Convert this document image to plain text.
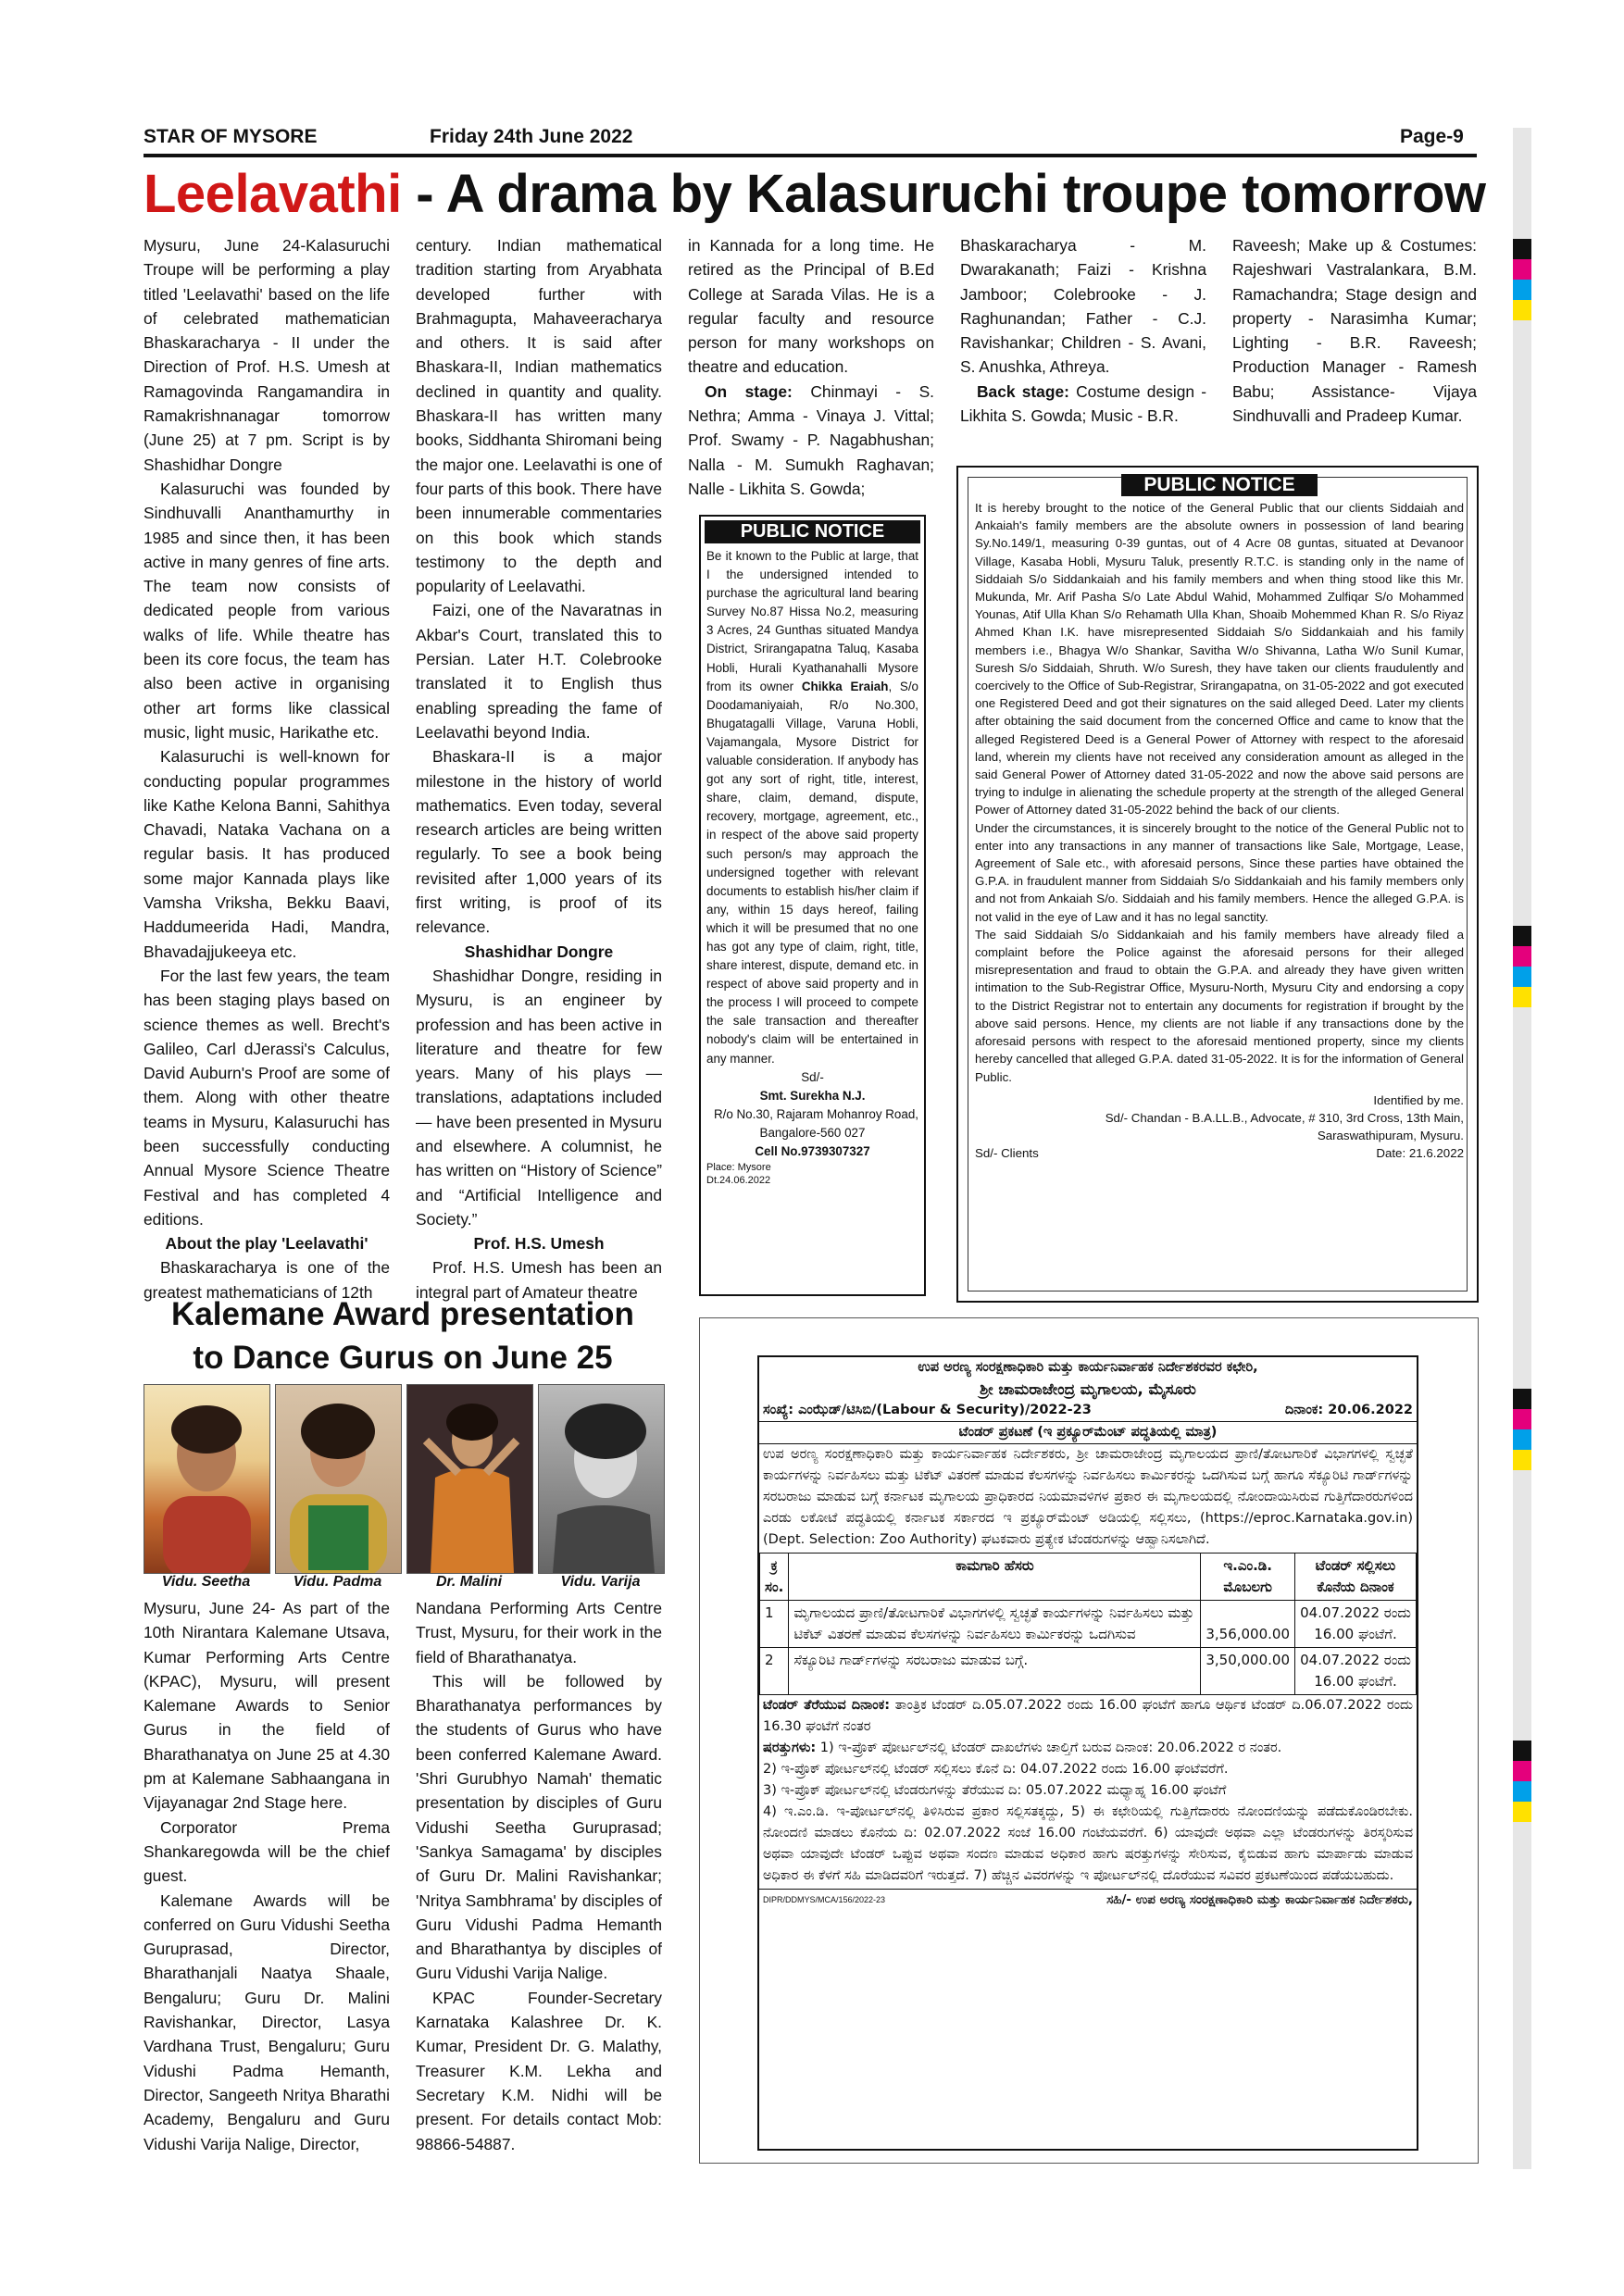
STAR OF MYSORE	Friday 24th June 2022	Page-9
Leelavathi - A drama by Kalasuruchi troupe tomorrow

Mysuru, June 24-Kalasuruchi Troupe will be performing a play titled 'Leelavathi' based on the life of celebrated mathematician Bhaskaracharya - II under the Direction of Prof. H.S. Umesh at Ramagovinda Rangamandira in Ramakrishnanagar tomorrow (June 25) at 7 pm. Script is by Shashidhar Dongre

Kalasuruchi was founded by Sindhuvalli Ananthamurthy in 1985 and since then, it has been active in many genres of fine arts. The team now consists of dedicated people from various walks of life. While theatre has been its core focus, the team has also been active in organising other art forms like classical music, light music, Harikathe etc.

Kalasuruchi is well-known for conducting popular programmes like Kathe Kelona Banni, Sahithya Chavadi, Nataka Vachana on a regular basis. It has produced some major Kannada plays like Vamsha Vriksha, Bekku Baavi, Haddumeerida Hadi, Mandra, Bhavadajjukeeya etc.

For the last few years, the team has been staging plays based on science themes as well. Brecht's Galileo, Carl dJerassi's Calculus, David Auburn's Proof are some of them. Along with other theatre teams in Mysuru, Kalasuruchi has been successfully conducting Annual Mysore Science Theatre Festival and has completed 4 editions.

About the play 'Leelavathi'

Bhaskaracharya is one of the greatest mathematicians of 12th

century. Indian mathematical tradition starting from Aryabhata developed further with Brahmagupta, Mahaveeracharya and others. It is said after Bhaskara-II, Indian mathematics declined in quantity and quality. Bhaskara-II has written many books, Siddhanta Shiromani being the major one. Leelavathi is one of four parts of this book. There have been innumerable commentaries on this book which stands testimony to the depth and popularity of Leelavathi.

Faizi, one of the Navaratnas in Akbar's Court, translated this to Persian. Later H.T. Colebrooke translated it to English thus enabling spreading the fame of Leelavathi beyond India.

Bhaskara-II is a major milestone in the history of world mathematics. Even today, several research articles are being written regularly. To see a book being revisited after 1,000 years of its first writing, is proof of its relevance.

Shashidhar Dongre

Shashidhar Dongre, residing in Mysuru, is an engineer by profession and has been active in literature and theatre for few years. Many of his plays — translations, adaptations included — have been presented in Mysuru and elsewhere. A columnist, he has written on “History of Science” and “Artificial Intelligence and Society.”

Prof. H.S. Umesh

Prof. H.S. Umesh has been an integral part of Amateur theatre

in Kannada for a long time. He retired as the Principal of B.Ed College at Sarada Vilas. He is a regular faculty and resource person for many workshops on theatre and education.

On stage: Chinmayi - S. Nethra; Amma - Vinaya J. Vittal; Prof. Swamy - P. Nagabhushan; Nalla - M. Sumukh Raghavan; Nalle - Likhita S. Gowda;

Bhaskaracharya - M. Dwarakanath; Faizi - Krishna Jamboor; Colebrooke - J. Raghunandan; Father - C.J. Ravishankar; Children - S. Avani, S. Anushka, Athreya.

Back stage: Costume design - Likhita S. Gowda; Music - B.R.

Raveesh; Make up & Costumes: Rajeshwari Vastralankara, B.M. Ramachandra; Stage design and property - Narasimha Kumar; Lighting - B.R. Raveesh; Production Manager - Ramesh Babu; Assistance- Vijaya Sindhuvalli and Pradeep Kumar.

PUBLIC NOTICE

Be it known to the Public at large, that I the undersigned intended to purchase the agricultural land bearing Survey No.87 Hissa No.2, measuring 3 Acres, 24 Gunthas situated Mandya District, Srirangapatna Taluq, Kasaba Hobli, Hurali Kyathanahalli Mysore from its owner Chikka Eraiah, S/o Doodamaniyaiah, R/o No.300, Bhugatagalli Village, Varuna Hobli, Vajamangala, Mysore District for valuable consideration. If anybody has got any sort of right, title, interest, share, claim, demand, dispute, recovery, mortgage, agreement, etc., in respect of the above said property such person/s may approach the undersigned together with relevant documents to establish his/her claim if any, within 15 days hereof, failing which it will be presumed that no one has got any type of claim, right, title, share interest, dispute, demand etc. in respect of above said property and in the process I will proceed to compete the sale transaction and thereafter nobody's claim will be entertained in any manner.

Sd/-

Smt. Surekha N.J.

R/o No.30, Rajaram Mohanroy Road,

Bangalore-560 027

Cell No.9739307327

Place: Mysore

Dt.24.06.2022

PUBLIC NOTICE

It is hereby brought to the notice of the General Public that our clients Siddaiah and Ankaiah's family members are the absolute owners in possession of land bearing Sy.No.149/1, measuring 0-39 guntas, out of 4 Acre 08 guntas, situated at Devanoor Village, Kasaba Hobli, Mysuru Taluk, presently R.T.C. is standing only in the name of Siddaiah S/o Siddankaiah and his family members and when thing stood like this Mr. Mukunda, Mr. Arif Pasha S/o Late Abdul Wahid, Mohammed Zulfiqar S/o Mohammed Younas, Atif Ulla Khan S/o Rehamath Ulla Khan, Shoaib Mohemmed Khan R. S/o Riyaz Ahmed Khan I.K. have misrepresented Siddaiah S/o Siddankaiah and his family members i.e., Bhagya W/o Shankar, Savitha W/o Shivanna, Latha W/o Sunil Kumar, Suresh S/o Siddaiah, Shruth. W/o Suresh, they have taken our clients fraudulently and coercively to the Office of Sub-Registrar, Srirangapatna, on 31-05-2022 and got executed one Registered Deed and got their signatures on the said alleged Deed. Later my clients after obtaining the said document from the concerned Office and came to know that the alleged Registered Deed is a General Power of Attorney with respect to the aforesaid land, wherein my clients have not received any consideration amount as alleged in the said General Power of Attorney dated 31-05-2022 and now the above said persons are trying to indulge in alienating the schedule property at the strength of the alleged General Power of Attorney dated 31-05-2022 behind the back of our clients.

Under the circumstances, it is sincerely brought to the notice of the General Public not to enter into any transactions in any manner of transactions like Sale, Mortgage, Lease, Agreement of Sale etc., with aforesaid persons, Since these parties have obtained the G.P.A. in fraudulent manner from Siddaiah S/o Siddankaiah and his family members only and not from Ankaiah S/o. Siddaiah and his family members. Hence the alleged G.P.A. is not valid in the eye of Law and it has no legal sanctity.

The said Siddaiah S/o Siddankaiah and his family members have already filed a complaint before the Police against the aforesaid persons for their alleged misrepresentation and fraud to obtain the G.P.A. and already they have given written intimation to the Sub-Registrar Office, Mysuru-North, Mysuru City and endorsing a copy to the District Registrar not to entertain any documents for registration if brought by the above said persons. Hence, my clients are not liable if any transactions done by the aforesaid persons with respect to the aforesaid mentioned property, since my clients hereby cancelled that alleged G.P.A. dated 31-05-2022. It is for the information of General Public.

Identified by me.

Sd/- Chandan - B.A.LL.B., Advocate, # 310, 3rd Cross, 13th Main,

Saraswathipuram, Mysuru.

Sd/- Clients	Date: 21.6.2022

Kalemane Award presentation
to Dance Gurus on June 25
Vidu. Seetha	Vidu. Padma	Dr. Malini	Vidu. Varija

Mysuru, June 24- As part of the 10th Nirantara Kalemane Utsava, Kumar Performing Arts Centre (KPAC), Mysuru, will present Kalemane Awards to Senior Gurus in the field of Bharathanatya on June 25 at 4.30 pm at Kalemane Sabhaangana in Vijayanagar 2nd Stage here.

Corporator Prema Shankaregowda will be the chief guest.

Kalemane Awards will be conferred on Guru Vidushi Seetha Guruprasad, Director, Bharathanjali Naatya Shaale, Bengaluru; Guru Dr. Malini Ravishankar, Director, Lasya Vardhana Trust, Bengaluru; Guru Vidushi Padma Hemanth, Director, Sangeeth Nritya Bharathi Academy, Bengaluru and Guru Vidushi Varija Nalige, Director,

Nandana Performing Arts Centre Trust, Mysuru, for their work in the field of Bharathanatya.

This will be followed by Bharathanatya performances by the students of Gurus who have been conferred Kalemane Award. 'Shri Gurubhyo Namah' thematic presentation by disciples of Guru Vidushi Seetha Guruprasad; 'Sankya Samagama' by disciples of Guru Dr. Malini Ravishankar; 'Nritya Sambhrama' by disciples of Guru Vidushi Padma Hemanth and Bharathantya by disciples of Guru Vidushi Varija Nalige.

KPAC Founder-Secretary Karnataka Kalashree Dr. K. Kumar, President Dr. G. Malathy, Treasurer K.M. Lekha and Secretary K.M. Nidhi will be present. For details contact Mob: 98866-54887.

ಉಪ ಅರಣ್ಯ ಸಂರಕ್ಷಣಾಧಿಕಾರಿ ಮತ್ತು ಕಾರ್ಯನಿರ್ವಾಹಕ ನಿರ್ದೇಶಕರವರ ಕಛೇರಿ,
ಶ್ರೀ ಚಾಮರಾಜೇಂದ್ರ ಮೃಗಾಲಯ, ಮೈಸೂರು
ಸಂಖ್ಯೆ: ಎಂಝೆಡ್/ಟಿಸಿಬಿ/(Labour & Security)/2022-23	ದಿನಾಂಕ: 20.06.2022
ಟೆಂಡರ್ ಪ್ರಕಟಣೆ (ಇ ಪ್ರಕ್ಯೂರ್‌ಮೆಂಟ್ ಪದ್ಧತಿಯಲ್ಲಿ ಮಾತ್ರ)
ಉಪ ಅರಣ್ಯ ಸಂರಕ್ಷಣಾಧಿಕಾರಿ ಮತ್ತು ಕಾರ್ಯನಿರ್ವಾಹಕ ನಿರ್ದೇಶಕರು, ಶ್ರೀ ಚಾಮರಾಜೇಂದ್ರ ಮೃಗಾಲಯದ ಪ್ರಾಣಿ/ತೋಟಗಾರಿಕೆ ವಿಭಾಗಗಳಲ್ಲಿ ಸ್ವಚ್ಛತೆ ಕಾರ್ಯಗಳನ್ನು ನಿರ್ವಹಿಸಲು ಮತ್ತು ಟಿಕೆಟ್ ವಿತರಣೆ ಮಾಡುವ ಕೆಲಸಗಳನ್ನು ನಿರ್ವಹಿಸಲು ಕಾರ್ಮಿಕರನ್ನು ಒದಗಿಸುವ ಬಗ್ಗೆ ಹಾಗೂ ಸೆಕ್ಯೂರಿಟಿ ಗಾರ್ಡ್‌ಗಳನ್ನು ಸರಬರಾಜು ಮಾಡುವ ಬಗ್ಗೆ ಕರ್ನಾಟಕ ಮೃಗಾಲಯ ಪ್ರಾಧಿಕಾರದ ನಿಯಮಾವಳಿಗಳ ಪ್ರಕಾರ ಈ ಮೃಗಾಲಯದಲ್ಲಿ ನೋಂದಾಯಿಸಿರುವ ಗುತ್ತಿಗೆದಾರರುಗಳಿಂದ ಎರಡು ಲಕೋಟೆ ಪದ್ಧತಿಯಲ್ಲಿ ಕರ್ನಾಟಕ ಸರ್ಕಾರದ ಇ ಪ್ರಕ್ಯೂರ್‌ಮೆಂಟ್ ಅಡಿಯಲ್ಲಿ ಸಲ್ಲಿಸಲು, (https://eproc.Karnataka.gov.in) (Dept. Selection: Zoo Authority) ಘಟಕವಾರು ಪ್ರತ್ಯೇಕ ಟೆಂಡರುಗಳನ್ನು ಆಹ್ವಾನಿಸಲಾಗಿದೆ.
ಕ್ರ ಸಂ.	ಕಾಮಗಾರಿ ಹೆಸರು	ಇ.ಎಂ.ಡಿ. ಮೊಬಲಗು	ಟೆಂಡರ್ ಸಲ್ಲಿಸಲು ಕೊನೆಯ ದಿನಾಂಕ
1	ಮೃಗಾಲಯದ ಪ್ರಾಣಿ/ತೋಟಗಾರಿಕೆ ವಿಭಾಗಗಳಲ್ಲಿ ಸ್ವಚ್ಛತೆ ಕಾರ್ಯಗಳನ್ನು ನಿರ್ವಹಿಸಲು ಮತ್ತು ಟಿಕೆಟ್ ವಿತರಣೆ ಮಾಡುವ ಕೆಲಸಗಳನ್ನು ನಿರ್ವಹಿಸಲು ಕಾರ್ಮಿಕರನ್ನು ಒದಗಿಸುವ	3,56,000.00	04.07.2022 ರಂದು 16.00 ಘಂಟೆಗೆ.
2	ಸೆಕ್ಯೂರಿಟಿ ಗಾರ್ಡ್‌ಗಳನ್ನು ಸರಬರಾಜು ಮಾಡುವ ಬಗ್ಗೆ.	3,50,000.00	04.07.2022 ರಂದು 16.00 ಘಂಟೆಗೆ.
ಟೆಂಡರ್ ತೆರೆಯುವ ದಿನಾಂಕ: ತಾಂತ್ರಿಕ ಟೆಂಡರ್ ದಿ.05.07.2022 ರಂದು 16.00 ಘಂಟೆಗೆ ಹಾಗೂ ಆರ್ಥಿಕ ಟೆಂಡರ್ ದಿ.06.07.2022 ರಂದು 16.30 ಘಂಟೆಗೆ ನಂತರ
ಷರತ್ತುಗಳು: 1) ಇ-ಪ್ರೊಕ್ ಪೋರ್ಟಲ್‌ನಲ್ಲಿ ಟೆಂಡರ್ ದಾಖಲೆಗಳು ಚಾಲ್ತಿಗೆ ಬರುವ ದಿನಾಂಕ: 20.06.2022 ರ ನಂತರ.
2) ಇ-ಪ್ರೊಕ್ ಪೋರ್ಟಲ್‌ನಲ್ಲಿ ಟೆಂಡರ್ ಸಲ್ಲಿಸಲು ಕೊನೆ ದಿ: 04.07.2022 ರಂದು 16.00 ಘಂಟೆವರೆಗೆ.
3) ಇ-ಪ್ರೊಕ್ ಪೋರ್ಟಲ್‌ನಲ್ಲಿ ಟೆಂಡರುಗಳನ್ನು ತೆರೆಯುವ ದಿ: 05.07.2022 ಮಧ್ಯಾಹ್ನ 16.00 ಘಂಟೆಗೆ
4) ಇ.ಎಂ.ಡಿ. ಇ-ಪೋರ್ಟಲ್‌ನಲ್ಲಿ ತಿಳಿಸಿರುವ ಪ್ರಕಾರ ಸಲ್ಲಿಸತಕ್ಕದ್ದು, 5) ಈ ಕಛೇರಿಯಲ್ಲಿ ಗುತ್ತಿಗೆದಾರರು ನೋಂದಣಿಯನ್ನು ಪಡೆದುಕೊಂಡಿರಬೇಕು. ನೋಂದಣಿ ಮಾಡಲು ಕೊನೆಯ ದಿ: 02.07.2022 ಸಂಜೆ 16.00 ಗಂಟೆಯವರೆಗೆ. 6) ಯಾವುದೇ ಅಥವಾ ಎಲ್ಲಾ ಟೆಂಡರುಗಳನ್ನು ತಿರಸ್ಕರಿಸುವ ಅಥವಾ ಯಾವುದೇ ಟೆಂಡರ್ ಒಪ್ಪುವ ಅಥವಾ ಸಂದಣ ಮಾಡುವ ಅಧಿಕಾರ ಹಾಗು ಷರತ್ತುಗಳನ್ನು ಸೇರಿಸುವ, ಕೈಬಿಡುವ ಹಾಗು ಮಾರ್ಪಾಡು ಮಾಡುವ ಅಧಿಕಾರ ಈ ಕೆಳಗೆ ಸಹಿ ಮಾಡಿದವರಿಗೆ ಇರುತ್ತದೆ. 7) ಹೆಚ್ಚಿನ ವಿವರಗಳನ್ನು ಇ ಪೋರ್ಟಲ್‌ನಲ್ಲಿ ದೊರೆಯುವ ಸವಿವರ ಪ್ರಕಟಣೆಯಿಂದ ಪಡೆಯಬಹುದು.
DIPR/DDMYS/MCA/156/2022-23	ಸಹಿ/- ಉಪ ಅರಣ್ಯ ಸಂರಕ್ಷಣಾಧಿಕಾರಿ ಮತ್ತು ಕಾರ್ಯನಿರ್ವಾಹಕ ನಿರ್ದೇಶಕರು,
